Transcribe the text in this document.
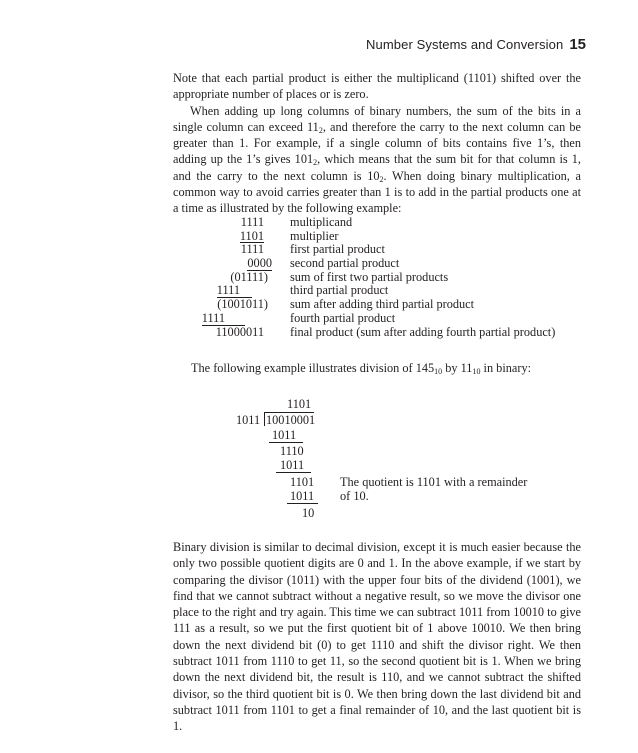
Number Systems and Conversion 15

Note that each partial product is either the multiplicand (1101) shifted over the appropriate number of places or is zero.

When adding up long columns of binary numbers, the sum of the bits in a single column can exceed $11_2$, and therefore the carry to the next column can be greater than 1. For example, if a single column of bits contains five 1’s, then adding up the 1’s gives $101_2$, which means that the sum bit for that column is 1, and the carry to the next column is $10_2$. When doing binary multiplication, a common way to avoid carries greater than 1 is to add in the partial products one at a time as illustrated by the following example:

1111 multiplicand
1101 multiplier
1111 first partial product
0000 second partial product
(01111) sum of first two partial products
1111	third partial product
(1001011) sum after adding third partial product
1111	fourth partial product
11000011 final product (sum after adding fourth partial product)
The following example illustrates division of $145_{10}$ by $11_{10}$ in binary:
1101
1011 10010001
1011
1110
1011
1101
1011
10
The quotient is 1101 with a remainder
of 10.

Binary division is similar to decimal division, except it is much easier because the only two possible quotient digits are 0 and 1. In the above example, if we start by comparing the divisor (1011) with the upper four bits of the dividend (1001), we find that we cannot subtract without a negative result, so we move the divisor one place to the right and try again. This time we can subtract 1011 from 10010 to give 111 as a result, so we put the first quotient bit of 1 above 10010. We then bring down the next dividend bit (0) to get 1110 and shift the divisor right. We then subtract 1011 from 1110 to get 11, so the second quotient bit is 1. When we bring down the next dividend bit, the result is 110, and we cannot subtract the shifted divisor, so the third quotient bit is 0. We then bring down the last dividend bit and subtract 1011 from 1101 to get a final remainder of 10, and the last quotient bit is 1.
